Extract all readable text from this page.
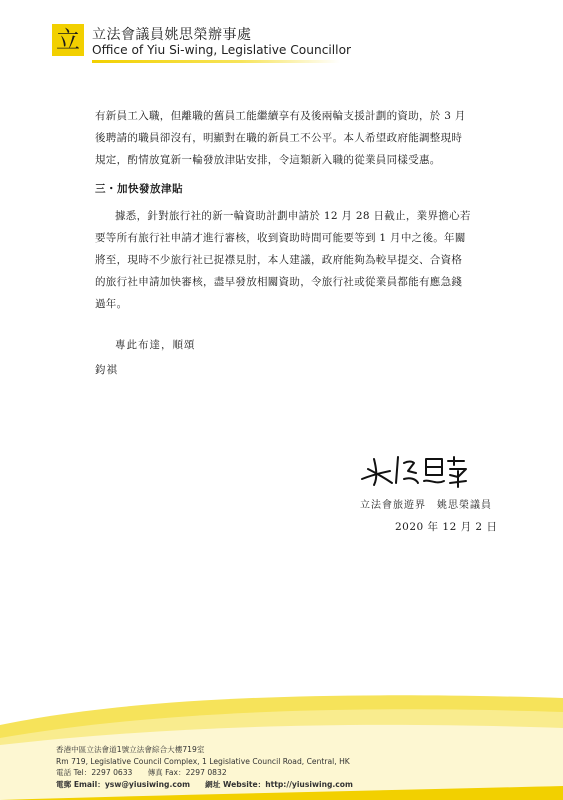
立 立法會議員姚思榮辦事處
Office of Yiu Si-wing, Legislative Councillor
有新員工入職，但離職的舊員工能繼續享有及後兩輪支援計劃的資助，於 3 月
後聘請的職員卻沒有，明顯對在職的新員工不公平。本人希望政府能調整現時
規定，酌情放寬新一輪發放津貼安排，令這類新入職的從業員同樣受惠。
三・加快發放津貼
據悉，針對旅行社的新一輪資助計劃申請於 12 月 28 日截止，業界擔心若
要等所有旅行社申請才進行審核，收到資助時間可能要等到 1 月中之後。年關
將至，現時不少旅行社已捉襟見肘，本人建議，政府能夠為較早提交、合資格
的旅行社申請加快審核，盡早發放相關資助，令旅行社或從業員都能有應急錢
過年。
專此布達，順頌
鈞祺
立法會旅遊界　姚思榮議員
2020 年 12 月 2 日
香港中區立法會道1號立法會綜合大樓719室
Rm 719, Legislative Council Complex, 1 Legislative Council Road, Central, HK
電話 Tel：2297 0633　　傳真 Fax：2297 0832
電郵 Email：ysw@yiusiwing.com　　網址 Website：http://yiusiwing.com
